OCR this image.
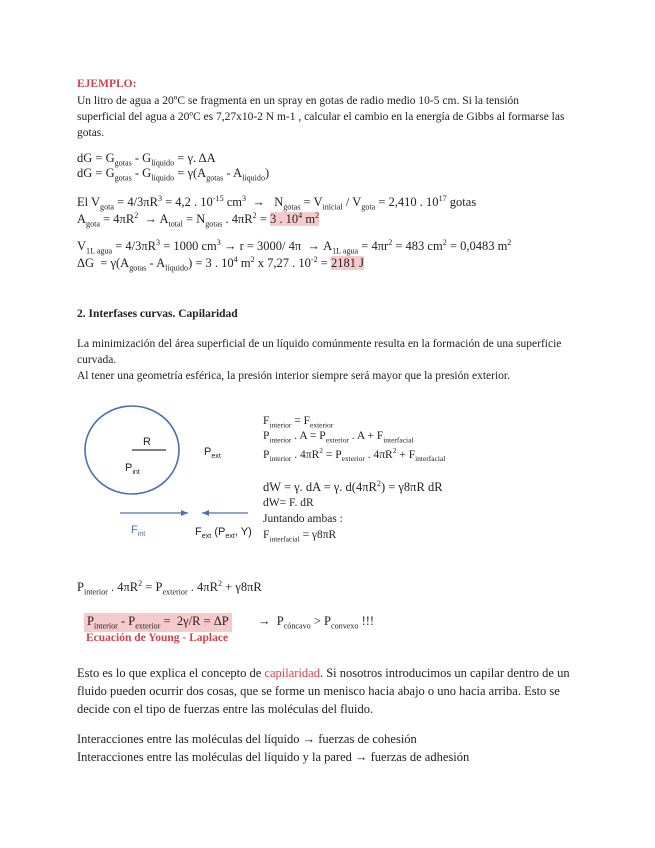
EJEMPLO:
Un litro de agua a 20ºC se fragmenta en un spray en gotas de radio medio 10-5 cm. Si la tensión
superficial del agua a 20ºC es 7,27x10-2 N m-1 , calcular el cambio en la energía de Gibbs al formarse las
gotas.
dG = $G_{gotas} - G_{líquido} = \gamma$. ΔA
dG = $G_{gotas} - G_{líquido} = \gamma(A_{gotas} - A_{líquido})$
El $V_{gota} = 4/3\pi R^3 = 4,2$ . $10^{-15}$ $cm^3 \to N_{gotas} = V_{inicial} / V_{gota} = 2,410$ . $10^{17}$ gotas
$A_{gota} = 4\pi R^2 \to A_{total} = N_{gotas}$ . $4\pi R^2 = 3$ . $10^4$ $m^2$
$V_{1L agua} = 4/3\pi R^3 = 1000$ $cm^3 \to r = 3000/$ $4\pi \to A_{1L agua} = 4\pi r^2 = 483$ $cm^2 = 0,0483$ $m^2$
$\Delta G = \gamma(A_{gotas} - A_{líquido}) = 3$ . $10^4$ $m^2$ x 7,27 . $10^{-2} = 2181$ J
2. Interfases curvas. Capilaridad
La minimización del área superficial de un líquido comúnmente resulta en la formación de una superficie
curvada.
Al tener una geometría esférica, la presión interior siempre será mayor que la presión exterior.
R
$P_{int}$
$P_{ext}$
$F_{int}$	$F_{ext}$ ($P_{ext}$, Y)
$F_{interior} = F_{exterior}$
$P_{interior}$ . $A = P_{exterior}$ . $A + F_{interfacial}$
$P_{interior}$ . $4\pi R^2 = P_{exterior}$ . $4\pi R^2 + F_{interfacial}$
dW = γ. dA = γ. $d(4\pi R^2) = \gamma 8\pi R$ dR
dW= F. dR
Juntando ambas :
$F_{interfacial} = \gamma 8\pi R$
$P_{interior}$ . $4\pi R^2 = P_{exterior}$ . $4\pi R^2 + \gamma 8\pi R$
$P_{interior} - P_{exterior} = 2\gamma/R = \Delta P \to P_{cóncavo} > P_{convexo}$ !!!
Ecuación de Young - Laplace
Esto es lo que explica el concepto de capilaridad. Si nosotros introducimos un capilar dentro de un
fluido pueden ocurrir dos cosas, que se forme un menisco hacia abajo o uno hacia arriba. Esto se
decide con el tipo de fuerzas entre las moléculas del fluido.
Interacciones entre las moléculas del líquido → fuerzas de cohesión
Interacciones entre las moléculas del líquido y la pared → fuerzas de adhesión
